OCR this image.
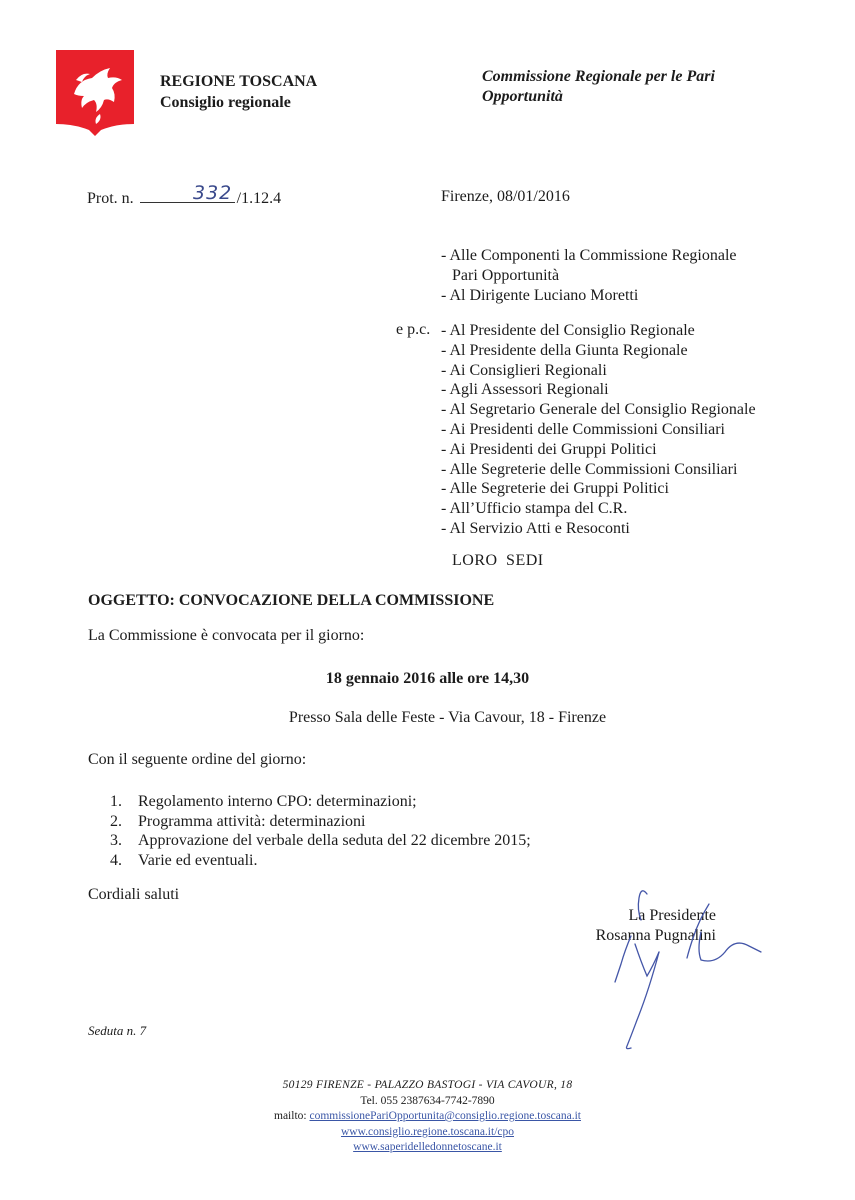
REGIONE TOSCANA
Consiglio regionale
Commissione Regionale per le Pari
Opportunità
Prot. n.	/1.12.4
332	Firenze, 08/01/2016
- Alle Componenti la Commissione Regionale
Pari Opportunità
- Al Dirigente Luciano Moretti
e p.c. - Al Presidente del Consiglio Regionale
- Al Presidente della Giunta Regionale
- Ai Consiglieri Regionali
- Agli Assessori Regionali
- Al Segretario Generale del Consiglio Regionale
- Ai Presidenti delle Commissioni Consiliari
- Ai Presidenti dei Gruppi Politici
- Alle Segreterie delle Commissioni Consiliari
- Alle Segreterie dei Gruppi Politici
- All’Ufficio stampa del C.R.
- Al Servizio Atti e Resoconti
LORO SEDI
OGGETTO: CONVOCAZIONE DELLA COMMISSIONE
La Commissione è convocata per il giorno:
18 gennaio 2016 alle ore 14,30
Presso Sala delle Feste - Via Cavour, 18 - Firenze
Con il seguente ordine del giorno:
1. Regolamento interno CPO: determinazioni;
2. Programma attività: determinazioni
3. Approvazione del verbale della seduta del 22 dicembre 2015;
4. Varie ed eventuali.
Cordiali saluti
La Presidente
Rosanna Pugnalini
Seduta n. 7
50129 FIRENZE - PALAZZO BASTOGI - VIA CAVOUR, 18
Tel. 055 2387634-7742-7890
mailto: commissionePariOpportunita@consiglio.regione.toscana.it
www.consiglio.regione.toscana.it/cpo
www.saperidelledonnetoscane.it
